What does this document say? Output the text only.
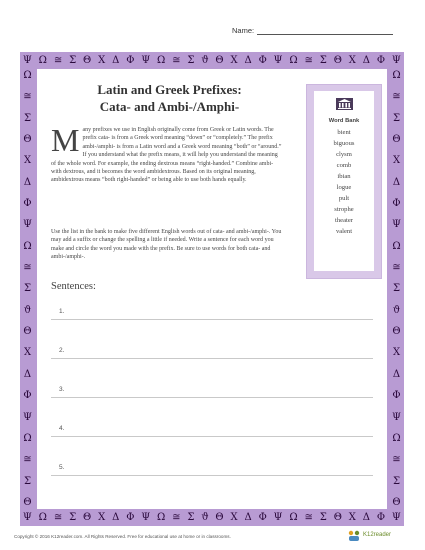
Name:
Ψ Ω ≅ Σ Θ Χ Δ Φ Ψ Ω ≅ Σ ϑ Θ Χ Δ Φ Ψ Ω ≅ Σ Θ Χ Δ Φ Ψ
Ψ Ω ≅ Σ Θ Χ Δ Φ Ψ Ω ≅ Σ ϑ Θ Χ Δ Φ Ψ Ω ≅ Σ Θ Χ Δ Φ Ψ
Ω
≅
Σ
Θ
Χ
Δ
Φ
Ψ
Ω
≅
Σ
ϑ
Θ
Χ
Δ
Φ
Ψ
Ω
≅
Σ
Θ
Ω
≅
Σ
Θ
Χ
Δ
Φ
Ψ
Ω
≅
Σ
ϑ
Θ
Χ
Δ
Φ
Ψ
Ω
≅
Σ
Θ
Latin and Greek Prefixes:
Cata- and Ambi-/Amphi-
Many prefixes we use in English originally come from Greek or Latin words. The prefix cata- is from a Greek word meaning “down” or “completely.” The prefix ambi-/amphi- is from a Latin word and a Greek word meaning “both” or “around.” If you understand what the prefix means, it will help you understand the meaning of the whole word. For example, the ending dextrous means “right-handed.” Combine ambi- with dextrous, and it becomes the word ambidextrous. Based on its original meaning, ambidextrous means “both right-handed” or being able to use both hands equally.
Use the list in the bank to make five different English words out of cata- and ambi-/amphi-. You may add a suffix or change the spelling a little if needed. Write a sentence for each word you make and circle the word you made with the prefix. Be sure to use words for both cata- and ambi-/amphi-.
Sentences:
1.
2.
3.
4.
5.
Word Bank
bient
biguous
clysm
comb
ibian
logue
pult
strophe
theater
valent
Copyright © 2016 K12reader.com. All Rights Reserved. Free for educational use at home or in classrooms.	K12reader
